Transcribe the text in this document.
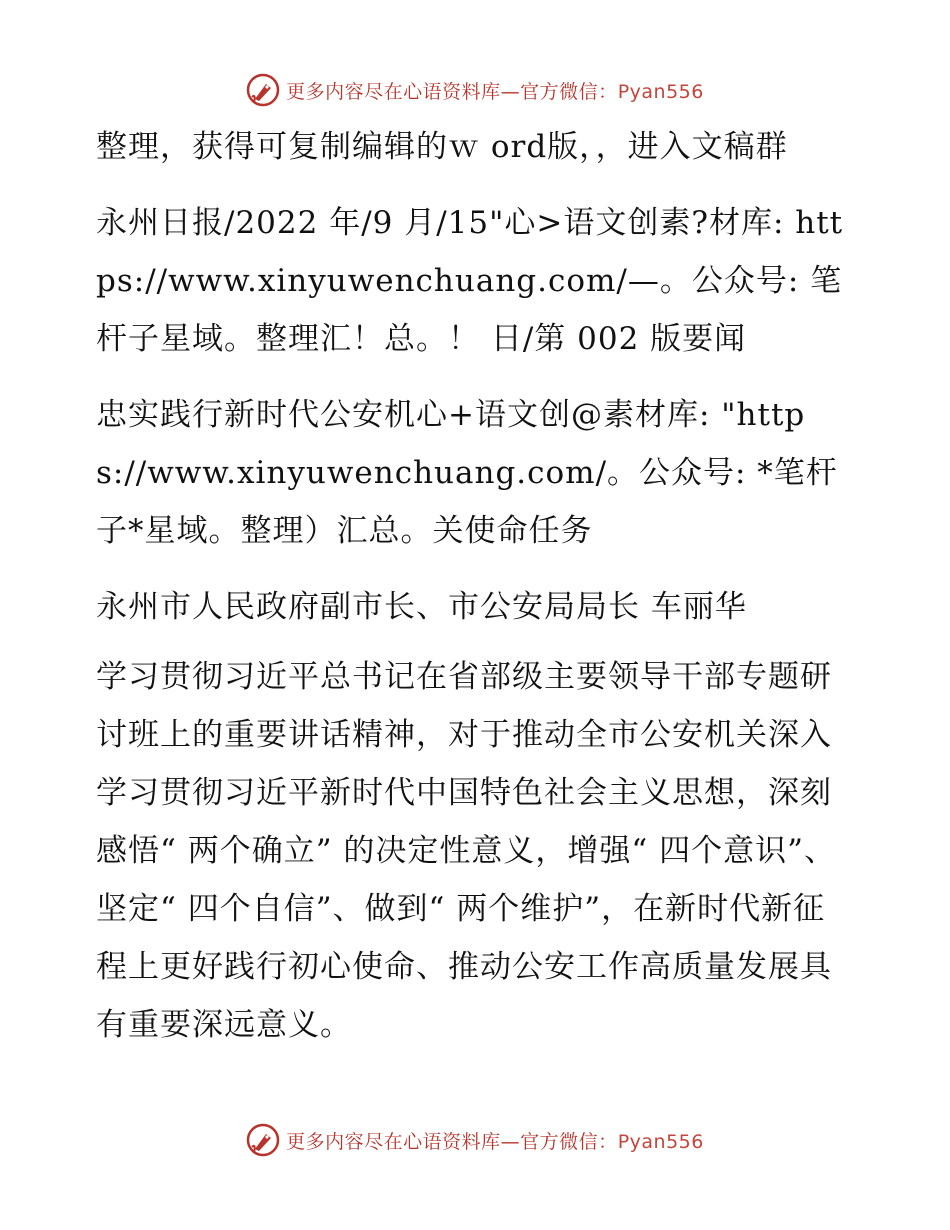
更多内容尽在心语资料库—官方微信：Pyan556

整理，获得可复制编辑的ｗ ord版，，进入文稿群

永州日报/2022 年/9 月/15"心>语文创素?材库: https://www.xinyuwenchuang.com/—。公众号: 笔杆子星域。整理汇！总。！ 日/第 002 版要闻

忠实践行新时代公安机心+语文创@素材库: "https://www.xinyuwenchuang.com/。公众号: *笔杆子*星域。整理）汇总。关使命任务

永州市人民政府副市长、市公安局局长 车丽华

学习贯彻习近平总书记在省部级主要领导干部专题研讨班上的重要讲话精神，对于推动全市公安机关深入学习贯彻习近平新时代中国特色社会主义思想，深刻感悟“ 两个确立” 的决定性意义，增强“ 四个意识”、坚定“ 四个自信”、做到“ 两个维护”，在新时代新征程上更好践行初心使命、推动公安工作高质量发展具有重要深远意义。

更多内容尽在心语资料库—官方微信：Pyan556
